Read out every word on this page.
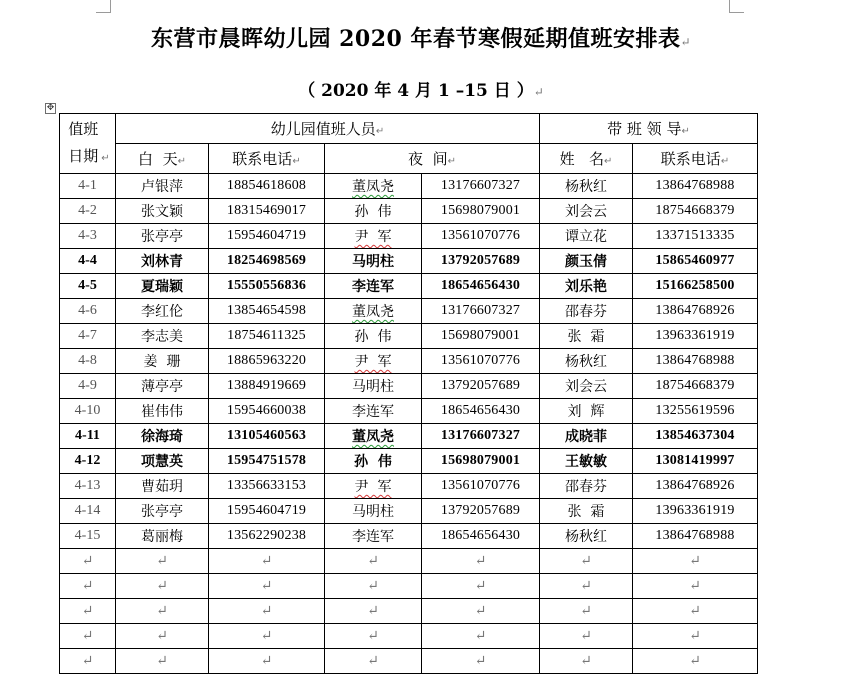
东营市晨晖幼儿园 2020 年春节寒假延期值班安排表↵
（ 2020 年 4 月 1 –15 日 ）↵
✥
值班日期 ↵	幼儿园值班人员↵				带 班 领 导↵	
	白  天↵	联系电话↵	夜  间↵		姓   名↵	联系电话↵
4-1	卢银萍	18854618608	董凤尧	13176607327	杨秋红	13864768988
4-2	张文颖	18315469017	孙  伟	15698079001	刘会云	18754668379
4-3	张亭亭	15954604719	尹  军	13561070776	谭立花	13371513335
4-4	刘林青	18254698569	马明柱	13792057689	颜玉倩	15865460977
4-5	夏瑞颖	15550556836	李连军	18654656430	刘乐艳	15166258500
4-6	李红伦	13854654598	董凤尧	13176607327	邵春芬	13864768926
4-7	李志美	18754611325	孙  伟	15698079001	张  霜	13963361919
4-8	姜  珊	18865963220	尹  军	13561070776	杨秋红	13864768988
4-9	薄亭亭	13884919669	马明柱	13792057689	刘会云	18754668379
4-10	崔伟伟	15954660038	李连军	18654656430	刘  辉	13255619596
4-11	徐海琦	13105460563	董凤尧	13176607327	成晓菲	13854637304
4-12	项慧英	15954751578	孙  伟	15698079001	王敏敏	13081419997
4-13	曹茹玥	13356633153	尹  军	13561070776	邵春芬	13864768926
4-14	张亭亭	15954604719	马明柱	13792057689	张  霜	13963361919
4-15	葛丽梅	13562290238	李连军	18654656430	杨秋红	13864768988
↵	↵	↵	↵	↵	↵	↵
↵	↵	↵	↵	↵	↵	↵
↵	↵	↵	↵	↵	↵	↵
↵	↵	↵	↵	↵	↵	↵
↵	↵	↵	↵	↵	↵	↵
